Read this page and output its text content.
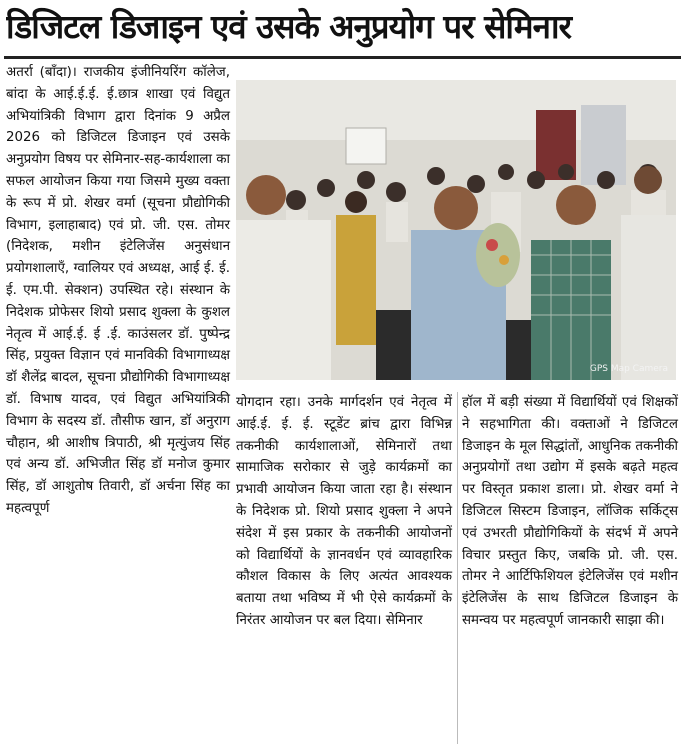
डिजिटल डिजाइन एवं उसके अनुप्रयोग पर सेमिनार

अतर्रा (बाँदा)। राजकीय इंजीनियरिंग कॉलेज, बांदा के आई.ई.ई. ई.छात्र शाखा एवं विद्युत अभियांत्रिकी विभाग द्वारा दिनांक 9 अप्रैल 2026 को डिजिटल डिजाइन एवं उसके अनुप्रयोग विषय पर सेमिनार-सह-कार्यशाला का सफल आयोजन किया गया जिसमे मुख्य वक्ता के रूप में प्रो. शेखर वर्मा (सूचना प्रौद्योगिकी विभाग, इलाहाबाद) एवं प्रो. जी. एस. तोमर (निदेशक, मशीन इंटेलिजेंस अनुसंधान प्रयोगशालाएँ, ग्वालियर एवं अध्यक्ष, आई ई. ई. ई. एम.पी. सेक्शन) उपस्थित रहे। संस्थान के निदेशक प्रोफेसर शियो प्रसाद शुक्ला के कुशल नेतृत्व में आई.ई. ई .ई. काउंसलर डॉ. पुष्पेन्द्र सिंह, प्रयुक्त विज्ञान एवं मानविकी विभागाध्यक्ष डॉ शैलेंद्र बादल, सूचना प्रौद्योगिकी विभागाध्यक्ष डॉ. विभाष यादव, एवं विद्युत अभियांत्रिकी विभाग के सदस्य डॉ. तौसीफ खान, डॉ अनुराग चौहान, श्री आशीष त्रिपाठी, श्री मृत्युंजय सिंह एवं अन्य डॉ. अभिजीत सिंह डॉ मनोज कुमार सिंह, डॉ आशुतोष तिवारी, डॉ अर्चना सिंह का महत्वपूर्ण

GPS Map Camera

योगदान रहा। उनके मार्गदर्शन एवं नेतृत्व में आई.ई. ई. ई. स्टूडेंट ब्रांच द्वारा विभिन्न तकनीकी कार्यशालाओं, सेमिनारों तथा सामाजिक सरोकार से जुड़े कार्यक्रमों का प्रभावी आयोजन किया जाता रहा है। संस्थान के निदेशक प्रो. शियो प्रसाद शुक्ला ने अपने संदेश में इस प्रकार के तकनीकी आयोजनों को विद्यार्थियों के ज्ञानवर्धन एवं व्यावहारिक कौशल विकास के लिए अत्यंत आवश्यक बताया तथा भविष्य में भी ऐसे कार्यक्रमों के निरंतर आयोजन पर बल दिया। सेमिनार

हॉल में बड़ी संख्या में विद्यार्थियों एवं शिक्षकों ने सहभागिता की। वक्ताओं ने डिजिटल डिजाइन के मूल सिद्धांतों, आधुनिक तकनीकी अनुप्रयोगों तथा उद्योग में इसके बढ़ते महत्व पर विस्तृत प्रकाश डाला। प्रो. शेखर वर्मा ने डिजिटल सिस्टम डिजाइन, लॉजिक सर्किट्स एवं उभरती प्रौद्योगिकियों के संदर्भ में अपने विचार प्रस्तुत किए, जबकि प्रो. जी. एस. तोमर ने आर्टिफिशियल इंटेलिजेंस एवं मशीन इंटेलिजेंस के साथ डिजिटल डिजाइन के समन्वय पर महत्वपूर्ण जानकारी साझा की।
